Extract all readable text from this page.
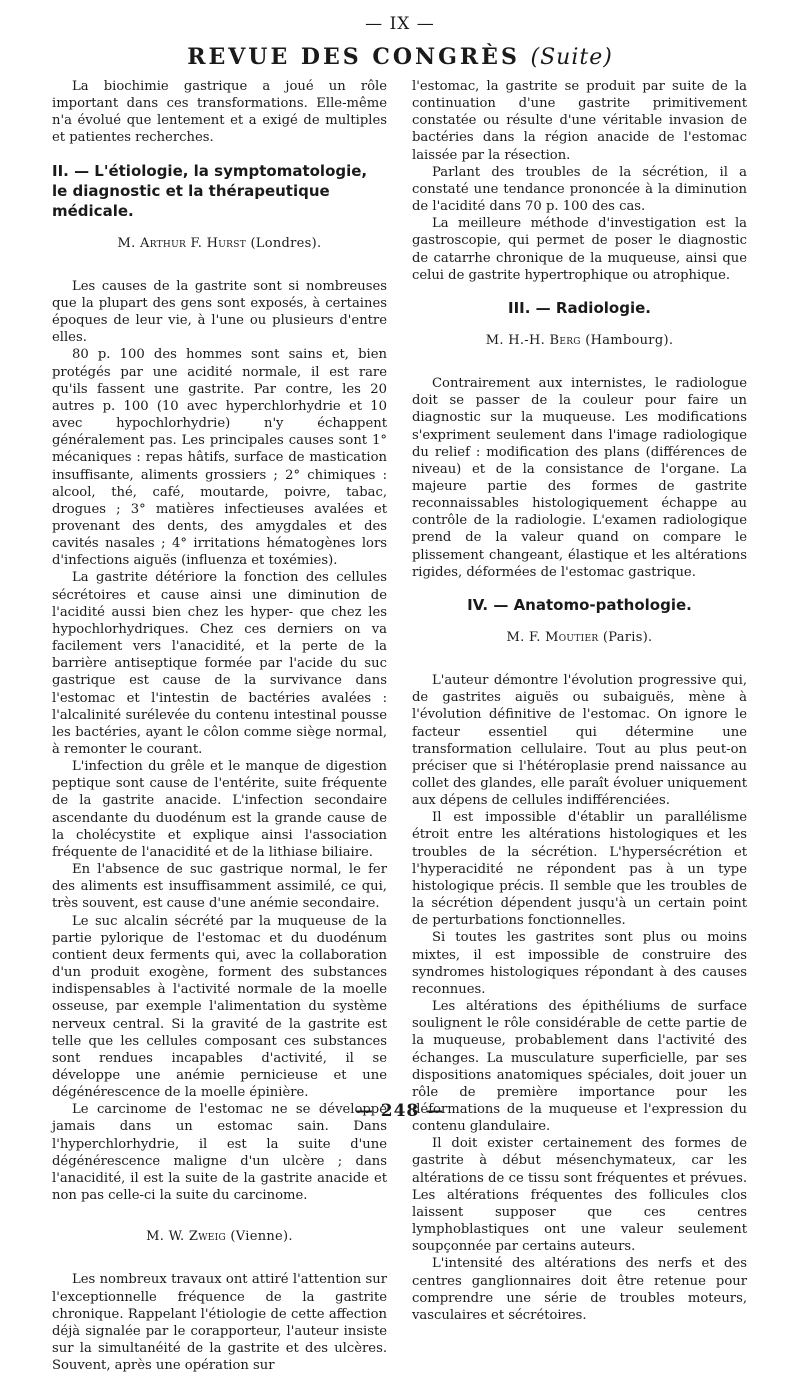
— IX —
REVUE DES CONGRÈS (Suite)

La biochimie gastrique a joué un rôle important dans ces transformations. Elle-même n'a évolué que lentement et a exigé de multiples et patientes recherches.

II. — L'étiologie, la symptomatologie, le diagnostic et la thérapeutique médicale.
M. Arthur F. Hurst (Londres).

Les causes de la gastrite sont si nombreuses que la plupart des gens sont exposés, à certaines époques de leur vie, à l'une ou plusieurs d'entre elles.

80 p. 100 des hommes sont sains et, bien protégés par une acidité normale, il est rare qu'ils fassent une gastrite. Par contre, les 20 autres p. 100 (10 avec hyperchlorhydrie et 10 avec hypochlorhydrie) n'y échappent généralement pas. Les principales causes sont 1° mécaniques : repas hâtifs, surface de mastication insuffisante, aliments grossiers ; 2° chimiques : alcool, thé, café, moutarde, poivre, tabac, drogues ; 3° matières infectieuses avalées et provenant des dents, des amygdales et des cavités nasales ; 4° irritations hématogènes lors d'infections aiguës (influenza et toxémies).

La gastrite détériore la fonction des cellules sécrétoires et cause ainsi une diminution de l'acidité aussi bien chez les hyper- que chez les hypochlorhydriques. Chez ces derniers on va facilement vers l'anacidité, et la perte de la barrière antiseptique formée par l'acide du suc gastrique est cause de la survivance dans l'estomac et l'intestin de bactéries avalées : l'alcalinité surélevée du contenu intestinal pousse les bactéries, ayant le côlon comme siège normal, à remonter le courant.

L'infection du grêle et le manque de digestion peptique sont cause de l'entérite, suite fréquente de la gastrite anacide. L'infection secondaire ascendante du duodénum est la grande cause de la cholécystite et explique ainsi l'association fréquente de l'anacidité et de la lithiase biliaire.

En l'absence de suc gastrique normal, le fer des aliments est insuffisamment assimilé, ce qui, très souvent, est cause d'une anémie secondaire.

Le suc alcalin sécrété par la muqueuse de la partie pylorique de l'estomac et du duodénum contient deux ferments qui, avec la collaboration d'un produit exogène, forment des substances indispensables à l'activité normale de la moelle osseuse, par exemple l'alimentation du système nerveux central. Si la gravité de la gastrite est telle que les cellules composant ces substances sont rendues incapables d'activité, il se développe une anémie pernicieuse et une dégénérescence de la moelle épinière.

Le carcinome de l'estomac ne se développe jamais dans un estomac sain. Dans l'hyperchlorhydrie, il est la suite d'une dégénérescence maligne d'un ulcère ; dans l'anacidité, il est la suite de la gastrite anacide et non pas celle-ci la suite du carcinome.

M. W. Zweig (Vienne).

Les nombreux travaux ont attiré l'attention sur l'exceptionnelle fréquence de la gastrite chronique. Rappelant l'étiologie de cette affection déjà signalée par le corapporteur, l'auteur insiste sur la simultanéité de la gastrite et des ulcères. Souvent, après une opération sur

l'estomac, la gastrite se produit par suite de la continuation d'une gastrite primitivement constatée ou résulte d'une véritable invasion de bactéries dans la région anacide de l'estomac laissée par la résection.

Parlant des troubles de la sécrétion, il a constaté une tendance prononcée à la diminution de l'acidité dans 70 p. 100 des cas.

La meilleure méthode d'investigation est la gastroscopie, qui permet de poser le diagnostic de catarrhe chronique de la muqueuse, ainsi que celui de gastrite hypertrophique ou atrophique.

III. — Radiologie.
M. H.-H. Berg (Hambourg).

Contrairement aux internistes, le radiologue doit se passer de la couleur pour faire un diagnostic sur la muqueuse. Les modifications s'expriment seulement dans l'image radiologique du relief : modification des plans (différences de niveau) et de la consistance de l'organe. La majeure partie des formes de gastrite reconnaissables histologiquement échappe au contrôle de la radiologie. L'examen radiologique prend de la valeur quand on compare le plissement changeant, élastique et les altérations rigides, déformées de l'estomac gastrique.

IV. — Anatomo-pathologie.
M. F. Moutier (Paris).

L'auteur démontre l'évolution progressive qui, de gastrites aiguës ou subaiguës, mène à l'évolution définitive de l'estomac. On ignore le facteur essentiel qui détermine une transformation cellulaire. Tout au plus peut-on préciser que si l'hétéroplasie prend naissance au collet des glandes, elle paraît évoluer uniquement aux dépens de cellules indifférenciées.

Il est impossible d'établir un parallélisme étroit entre les altérations histologiques et les troubles de la sécrétion. L'hypersécrétion et l'hyperacidité ne répondent pas à un type histologique précis. Il semble que les troubles de la sécrétion dépendent jusqu'à un certain point de perturbations fonctionnelles.

Si toutes les gastrites sont plus ou moins mixtes, il est impossible de construire des syndromes histologiques répondant à des causes reconnues.

Les altérations des épithéliums de surface soulignent le rôle considérable de cette partie de la muqueuse, probablement dans l'activité des échanges. La musculature superficielle, par ses dispositions anatomiques spéciales, doit jouer un rôle de première importance pour les déformations de la muqueuse et l'expression du contenu glandulaire.

Il doit exister certainement des formes de gastrite à début mésenchymateux, car les altérations de ce tissu sont fréquentes et prévues. Les altérations fréquentes des follicules clos laissent supposer que ces centres lymphoblastiques ont une valeur seulement soupçonnée par certains auteurs.

L'intensité des altérations des nerfs et des centres ganglionnaires doit être retenue pour comprendre une série de troubles moteurs, vasculaires et sécrétoires.

— 248 —
